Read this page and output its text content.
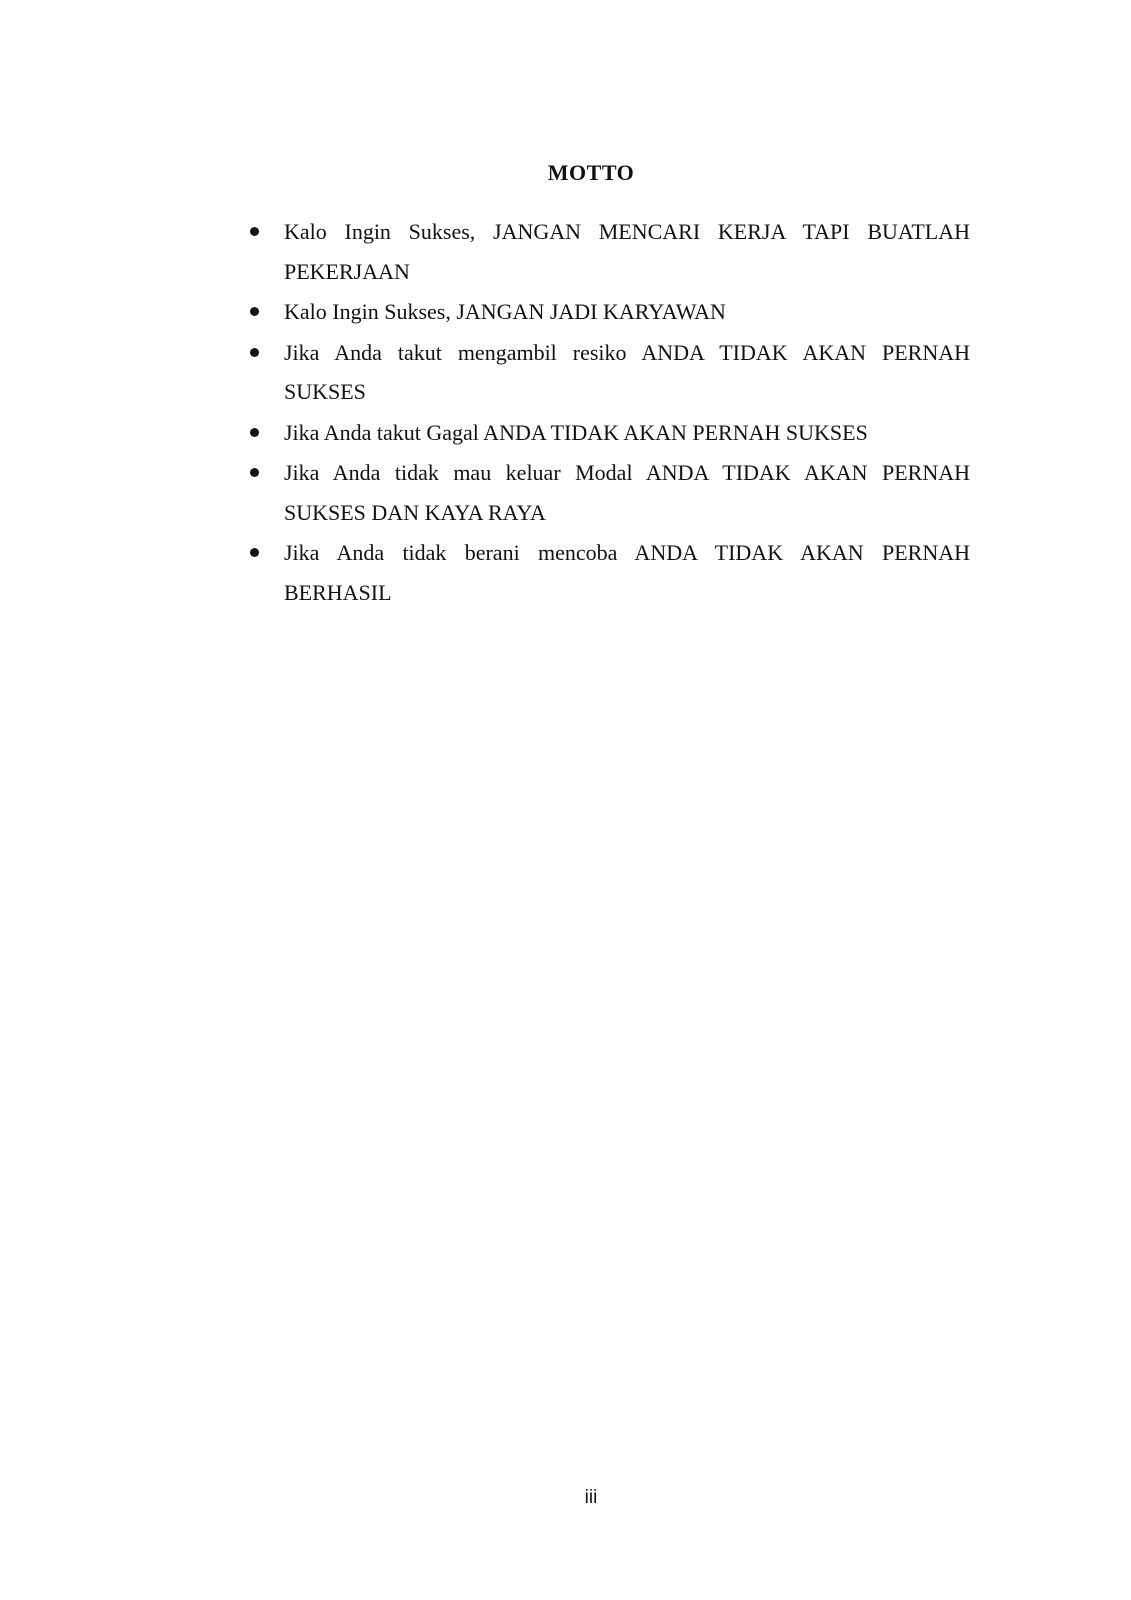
MOTTO
Kalo Ingin Sukses, JANGAN MENCARI KERJA TAPI BUATLAH PEKERJAAN
Kalo Ingin Sukses, JANGAN JADI KARYAWAN
Jika Anda takut mengambil resiko ANDA TIDAK AKAN PERNAH SUKSES
Jika Anda takut Gagal ANDA TIDAK AKAN PERNAH SUKSES
Jika Anda tidak mau keluar Modal ANDA TIDAK AKAN PERNAH SUKSES DAN KAYA RAYA
Jika Anda tidak berani mencoba ANDA TIDAK AKAN PERNAH BERHASIL

iii
